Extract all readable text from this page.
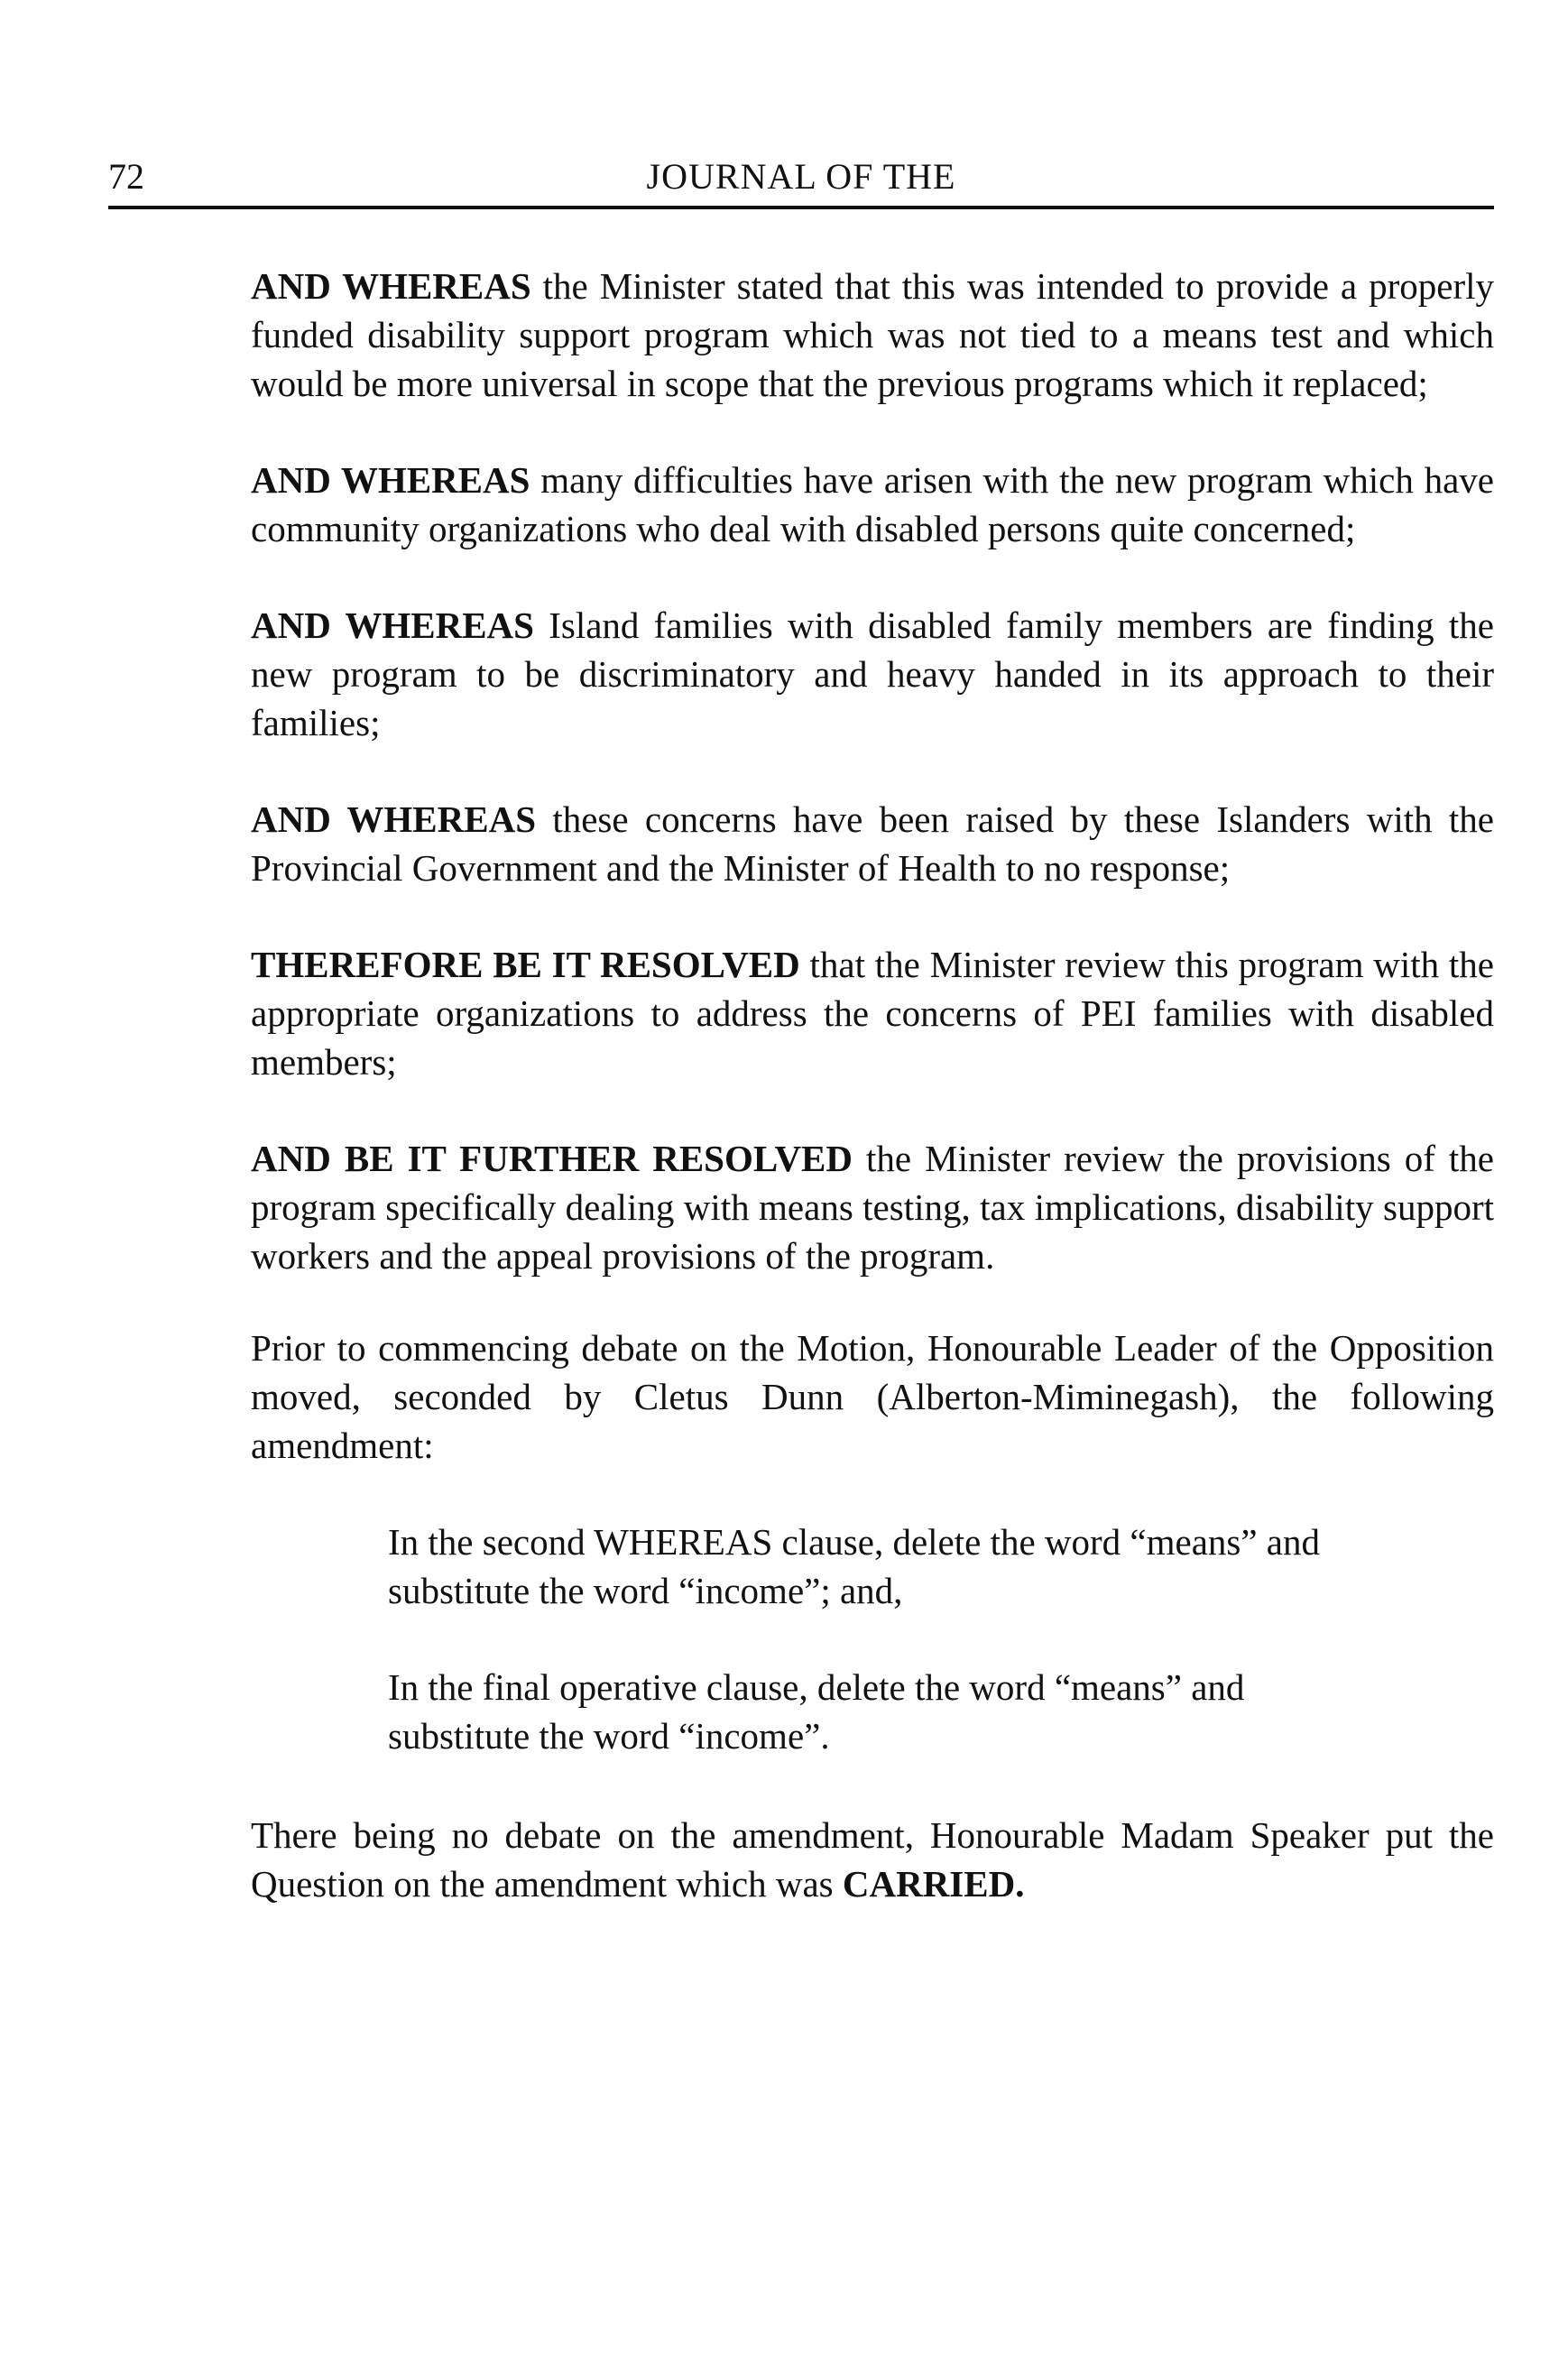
72	JOURNAL OF THE

AND WHEREAS the Minister stated that this was intended to provide a properly funded disability support program which was not tied to a means test and which would be more universal in scope that the previous programs which it replaced;

AND WHEREAS many difficulties have arisen with the new program which have community organizations who deal with disabled persons quite concerned;

AND WHEREAS Island families with disabled family members are finding the new program to be discriminatory and heavy handed in its approach to their families;

AND WHEREAS these concerns have been raised by these Islanders with the Provincial Government and the Minister of Health to no response;

THEREFORE BE IT RESOLVED that the Minister review this program with the appropriate organizations to address the concerns of PEI families with disabled members;

AND BE IT FURTHER RESOLVED the Minister review the provisions of the program specifically dealing with means testing, tax implications, disability support workers and the appeal provisions of the program.

Prior to commencing debate on the Motion, Honourable Leader of the Opposition moved, seconded by Cletus Dunn (Alberton-Miminegash), the following amendment:

In the second WHEREAS clause, delete the word “means” and substitute the word “income”; and,

In the final operative clause, delete the word “means” and substitute the word “income”.

There being no debate on the amendment, Honourable Madam Speaker put the Question on the amendment which was CARRIED.
